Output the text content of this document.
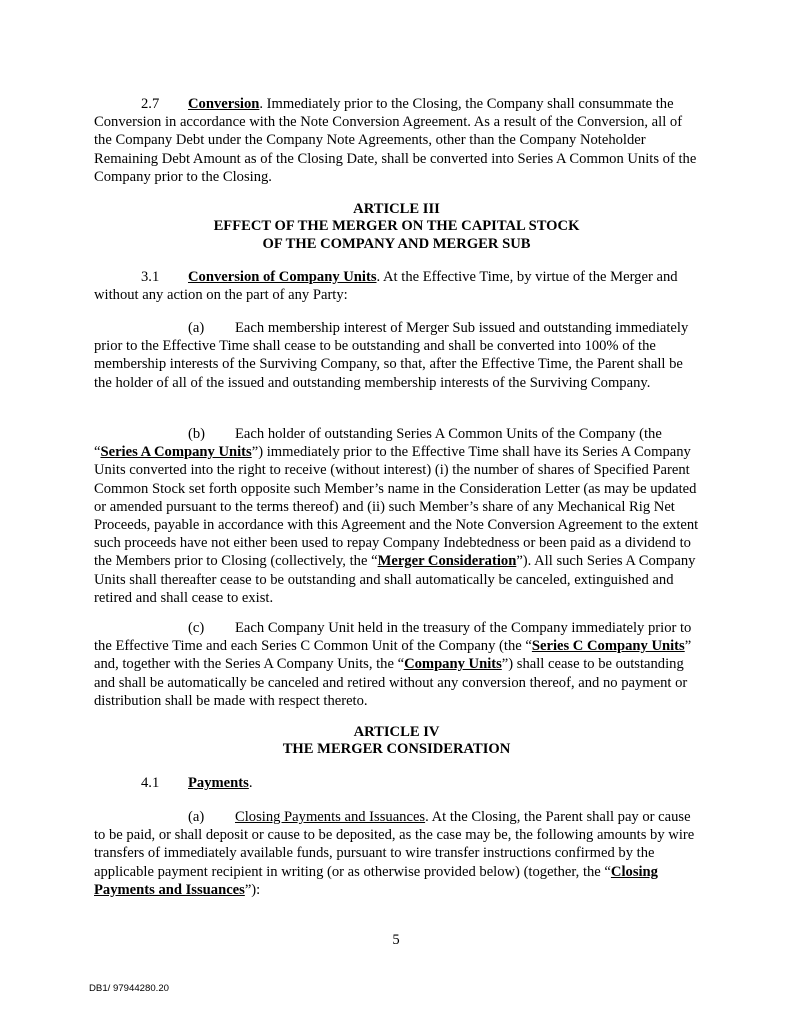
2.7 Conversion. Immediately prior to the Closing, the Company shall consummate the Conversion in accordance with the Note Conversion Agreement. As a result of the Conversion, all of the Company Debt under the Company Note Agreements, other than the Company Noteholder Remaining Debt Amount as of the Closing Date, shall be converted into Series A Common Units of the Company prior to the Closing.

ARTICLE III
EFFECT OF THE MERGER ON THE CAPITAL STOCK
OF THE COMPANY AND MERGER SUB

3.1 Conversion of Company Units. At the Effective Time, by virtue of the Merger and without any action on the part of any Party:

(a) Each membership interest of Merger Sub issued and outstanding immediately prior to the Effective Time shall cease to be outstanding and shall be converted into 100% of the membership interests of the Surviving Company, so that, after the Effective Time, the Parent shall be the holder of all of the issued and outstanding membership interests of the Surviving Company.

(b) Each holder of outstanding Series A Common Units of the Company (the “Series A Company Units”) immediately prior to the Effective Time shall have its Series A Company Units converted into the right to receive (without interest) (i) the number of shares of Specified Parent Common Stock set forth opposite such Member’s name in the Consideration Letter (as may be updated or amended pursuant to the terms thereof) and (ii) such Member’s share of any Mechanical Rig Net Proceeds, payable in accordance with this Agreement and the Note Conversion Agreement to the extent such proceeds have not either been used to repay Company Indebtedness or been paid as a dividend to the Members prior to Closing (collectively, the “Merger Consideration”). All such Series A Company Units shall thereafter cease to be outstanding and shall automatically be canceled, extinguished and retired and shall cease to exist.

(c) Each Company Unit held in the treasury of the Company immediately prior to the Effective Time and each Series C Common Unit of the Company (the “Series C Company Units” and, together with the Series A Company Units, the “Company Units”) shall cease to be outstanding and shall be automatically be canceled and retired without any conversion thereof, and no payment or distribution shall be made with respect thereto.

ARTICLE IV
THE MERGER CONSIDERATION

4.1 Payments.

(a) Closing Payments and Issuances. At the Closing, the Parent shall pay or cause to be paid, or shall deposit or cause to be deposited, as the case may be, the following amounts by wire transfers of immediately available funds, pursuant to wire transfer instructions confirmed by the applicable payment recipient in writing (or as otherwise provided below) (together, the “Closing Payments and Issuances”):

5
DB1/ 97944280.20
